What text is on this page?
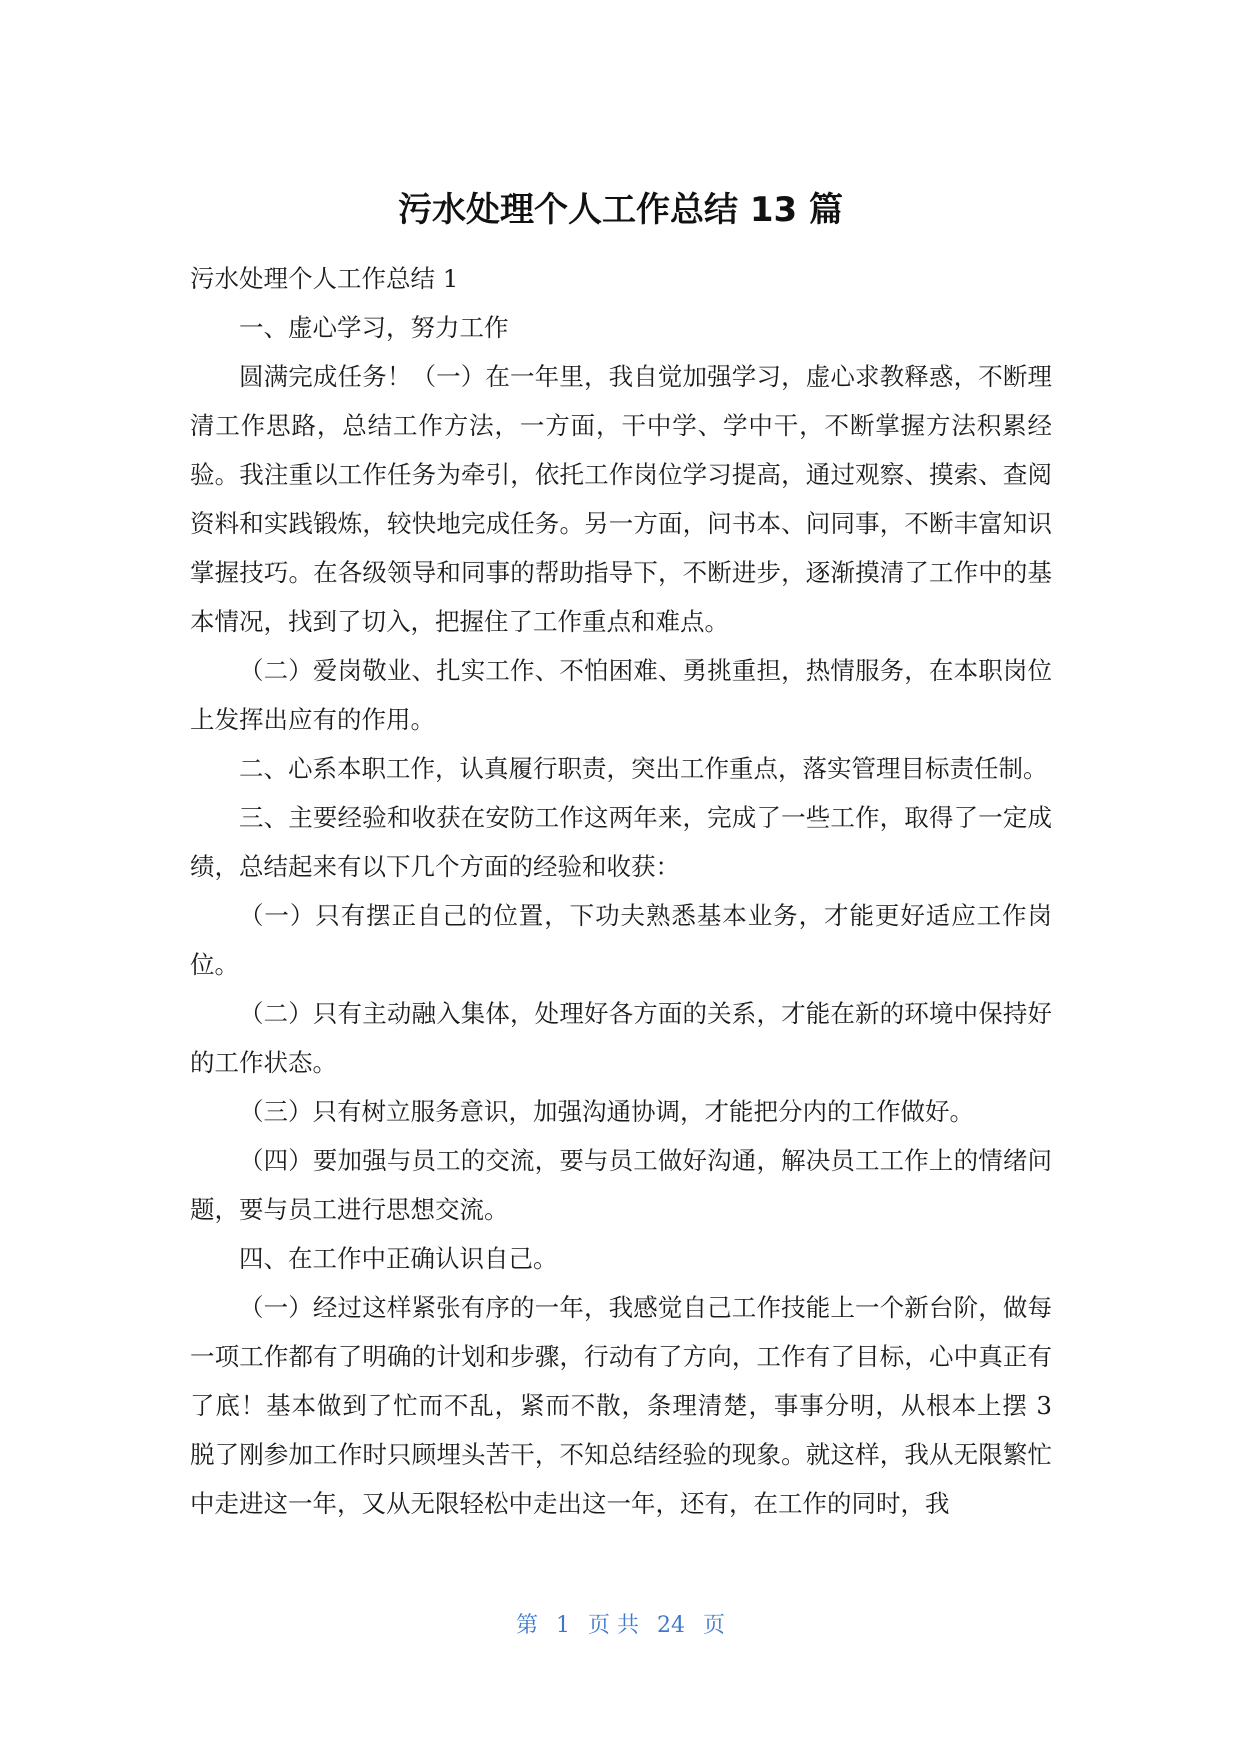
污水处理个人工作总结 13 篇

污水处理个人工作总结 1

一、虚心学习，努力工作

圆满完成任务！（一）在一年里，我自觉加强学习，虚心求教释惑，不断理清工作思路，总结工作方法，一方面，干中学、学中干，不断掌握方法积累经验。我注重以工作任务为牵引，依托工作岗位学习提高，通过观察、摸索、查阅资料和实践锻炼，较快地完成任务。另一方面，问书本、问同事，不断丰富知识掌握技巧。在各级领导和同事的帮助指导下，不断进步，逐渐摸清了工作中的基本情况，找到了切入，把握住了工作重点和难点。

（二）爱岗敬业、扎实工作、不怕困难、勇挑重担，热情服务，在本职岗位上发挥出应有的作用。

二、心系本职工作，认真履行职责，突出工作重点，落实管理目标责任制。

三、主要经验和收获在安防工作这两年来，完成了一些工作，取得了一定成绩，总结起来有以下几个方面的经验和收获：

（一）只有摆正自己的位置，下功夫熟悉基本业务，才能更好适应工作岗位。

（二）只有主动融入集体，处理好各方面的关系，才能在新的环境中保持好的工作状态。

（三）只有树立服务意识，加强沟通协调，才能把分内的工作做好。

（四）要加强与员工的交流，要与员工做好沟通，解决员工工作上的情绪问题，要与员工进行思想交流。

四、在工作中正确认识自己。

（一）经过这样紧张有序的一年，我感觉自己工作技能上一个新台阶，做每一项工作都有了明确的计划和步骤，行动有了方向，工作有了目标，心中真正有了底！基本做到了忙而不乱，紧而不散，条理清楚，事事分明，从根本上摆 3 脱了刚参加工作时只顾埋头苦干，不知总结经验的现象。就这样，我从无限繁忙中走进这一年，又从无限轻松中走出这一年，还有，在工作的同时，我

第 1 页 共 24 页
